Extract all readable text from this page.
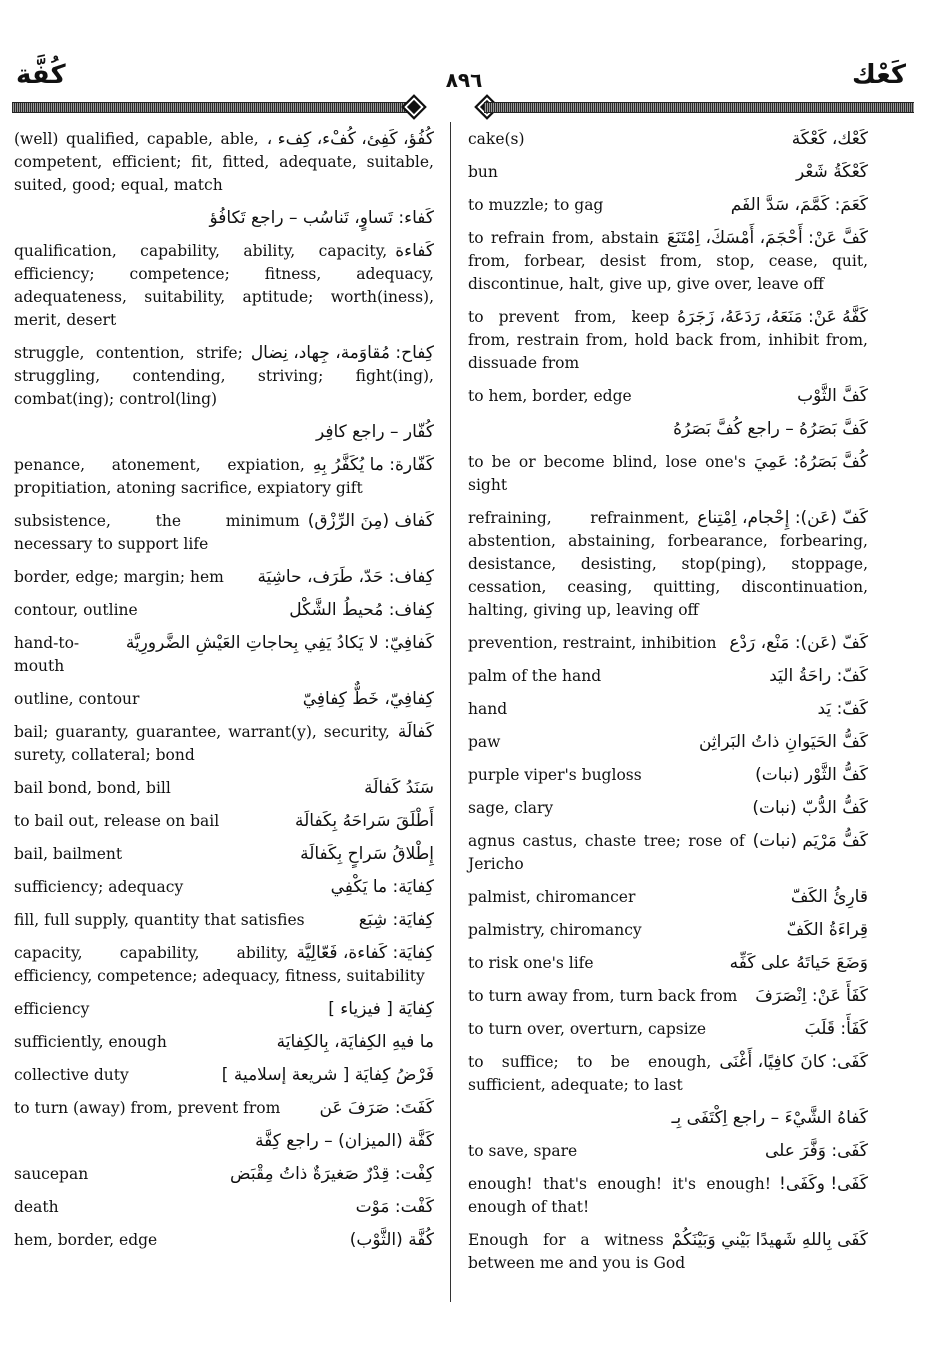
كُفَّة	٨٩٦	كَعْك
كُفُؤ، كَفِئ، كُفْء، كِفء ،
(well) qualified, capable, able, competent, efficient; fit, fitted, adequate, suitable, suited, good; equal, match
كَفاء: تَساوٍ، تَناسُب – راجع تَكافُؤ
كَفاءة
qualification, capability, ability, capacity, efficiency; competence; fitness, adequacy, adequateness, suitability, aptitude; worth(iness), merit, desert
كِفاح: مُقاوَمة، جِهاد، نِضال
struggle, contention, strife; struggling, contending, striving; fight(ing), combat(ing); control(ling)
كُفّار – راجع كافِر
كَفّارة: ما يُكَفَّرُ بِهِ
penance, atonement, expiation, propitiation, atoning sacrifice, expiatory gift
كَفاف (مِنَ الرِّزْق)
subsistence, the minimum necessary to support life
كِفاف: حَدّ، طَرَف، حاشِيَة
border, edge; margin; hem
كِفاف: مُحيطُ الشَّكْل
contour, outline
كَفافِيّ: لا يَكادُ يَفِي بِحاجاتِ العَيْشِ الضَّرورِيَّة
hand-to-mouth
كِفافِيّ، خَطٌّ كِفافِيّ
outline, contour
كَفالَة
bail; guaranty, guarantee, warrant(y), security, surety, collateral; bond
سَنَدُ كَفالَة
bail bond, bond, bill
أَطْلَقَ سَراحَهُ بِكَفالَة
to bail out, release on bail
إِطْلاقُ سَراحٍ بِكَفالَة
bail, bailment
كِفايَة: ما يَكْفِي
sufficiency; adequacy
كِفايَة: شِبَع
fill, full supply, quantity that satisfies
كِفايَة: كَفاءة، فَعّالِيَّة
capacity, capability, ability, efficiency, competence; adequacy, fitness, suitability
كِفايَة [ فيزياء ]
efficiency
ما فيهِ الكِفايَة، بِالكِفايَة
sufficiently, enough
فَرْضُ كِفايَة [ شريعة إسلامية ]
collective duty
كَفَتَ: صَرَفَ عَن
to turn (away) from, prevent from
كَفَّة (الميزان) – راجع كِفَّة
كِفْت: قِدْرٌ صَغيرَةٌ ذاتُ مِقْبَض
saucepan
كَفْت: مَوْت
death
كُفَّة (الثَّوْب)
hem, border, edge
كَعْك، كَعْكَة
cake(s)
كَعْكَةُ شَعْر
bun
كَعَمَ: كَمَّمَ، سَدَّ الفَم
to muzzle; to gag
كَفَّ عَنْ: أَحْجَمَ، أَمْسَكَ، اِمْتَنَعَ
to refrain from, abstain from, forbear, desist from, stop, cease, quit, discontinue, halt, give up, give over, leave off
كَفَّهُ عَنْ: مَنَعَهُ، رَدَعَهُ، زَجَرَهُ
to prevent from, keep from, restrain from, hold back from, inhibit from, dissuade from
كَفَّ الثَّوْب
to hem, border, edge
كَفَّ بَصَرُهُ – راجع كُفَّ بَصَرُهُ
كُفَّ بَصَرُهُ: عَمِيَ
to be or become blind, lose one's sight
كَفّ (عَن): إِحْجام، اِمْتِناع
refraining, refrainment, abstention, abstaining, forbearance, forbearing, desistance, desisting, stop(ping), stoppage, cessation, ceasing, quitting, discontinuation, halting, giving up, leaving off
كَفّ (عَن): مَنْع، رَدْع
prevention, restraint, inhibition
كَفّ: راحَةُ اليَد
palm of the hand
كَفّ: يَد
hand
كَفُّ الحَيَوانِ ذاتُ البَراثِن
paw
كَفُّ الثَّوْر (نبات)
purple viper's bugloss
كَفُّ الدُّبّ (نبات)
sage, clary
كَفُّ مَرْيَم (نبات)
agnus castus, chaste tree; rose of Jericho
قارِئُ الكَفّ
palmist, chiromancer
قِراءَةُ الكَفّ
palmistry, chiromancy
وَضَعَ حَياتَهُ على كَفِّه
to risk one's life
كَفَأَ عَنْ: اِنْصَرَفَ
to turn away from, turn back from
كَفَأَ: قَلَبَ
to turn over, overturn, capsize
كَفَى: كانَ كافِيًا، أَغْنَى
to suffice; to be enough, sufficient, adequate; to last
كَفاهُ الشَّيْءَ – راجع اِكْتَفَى بِـ
كَفَى: وَفَّرَ على
to save, spare
كَفَى! وكَفَى!
enough! that's enough! it's enough! enough of that!
كَفَى بِاللهِ شَهيدًا بَيْني وَبَيْنَكُمْ
Enough for a witness between me and you is God
